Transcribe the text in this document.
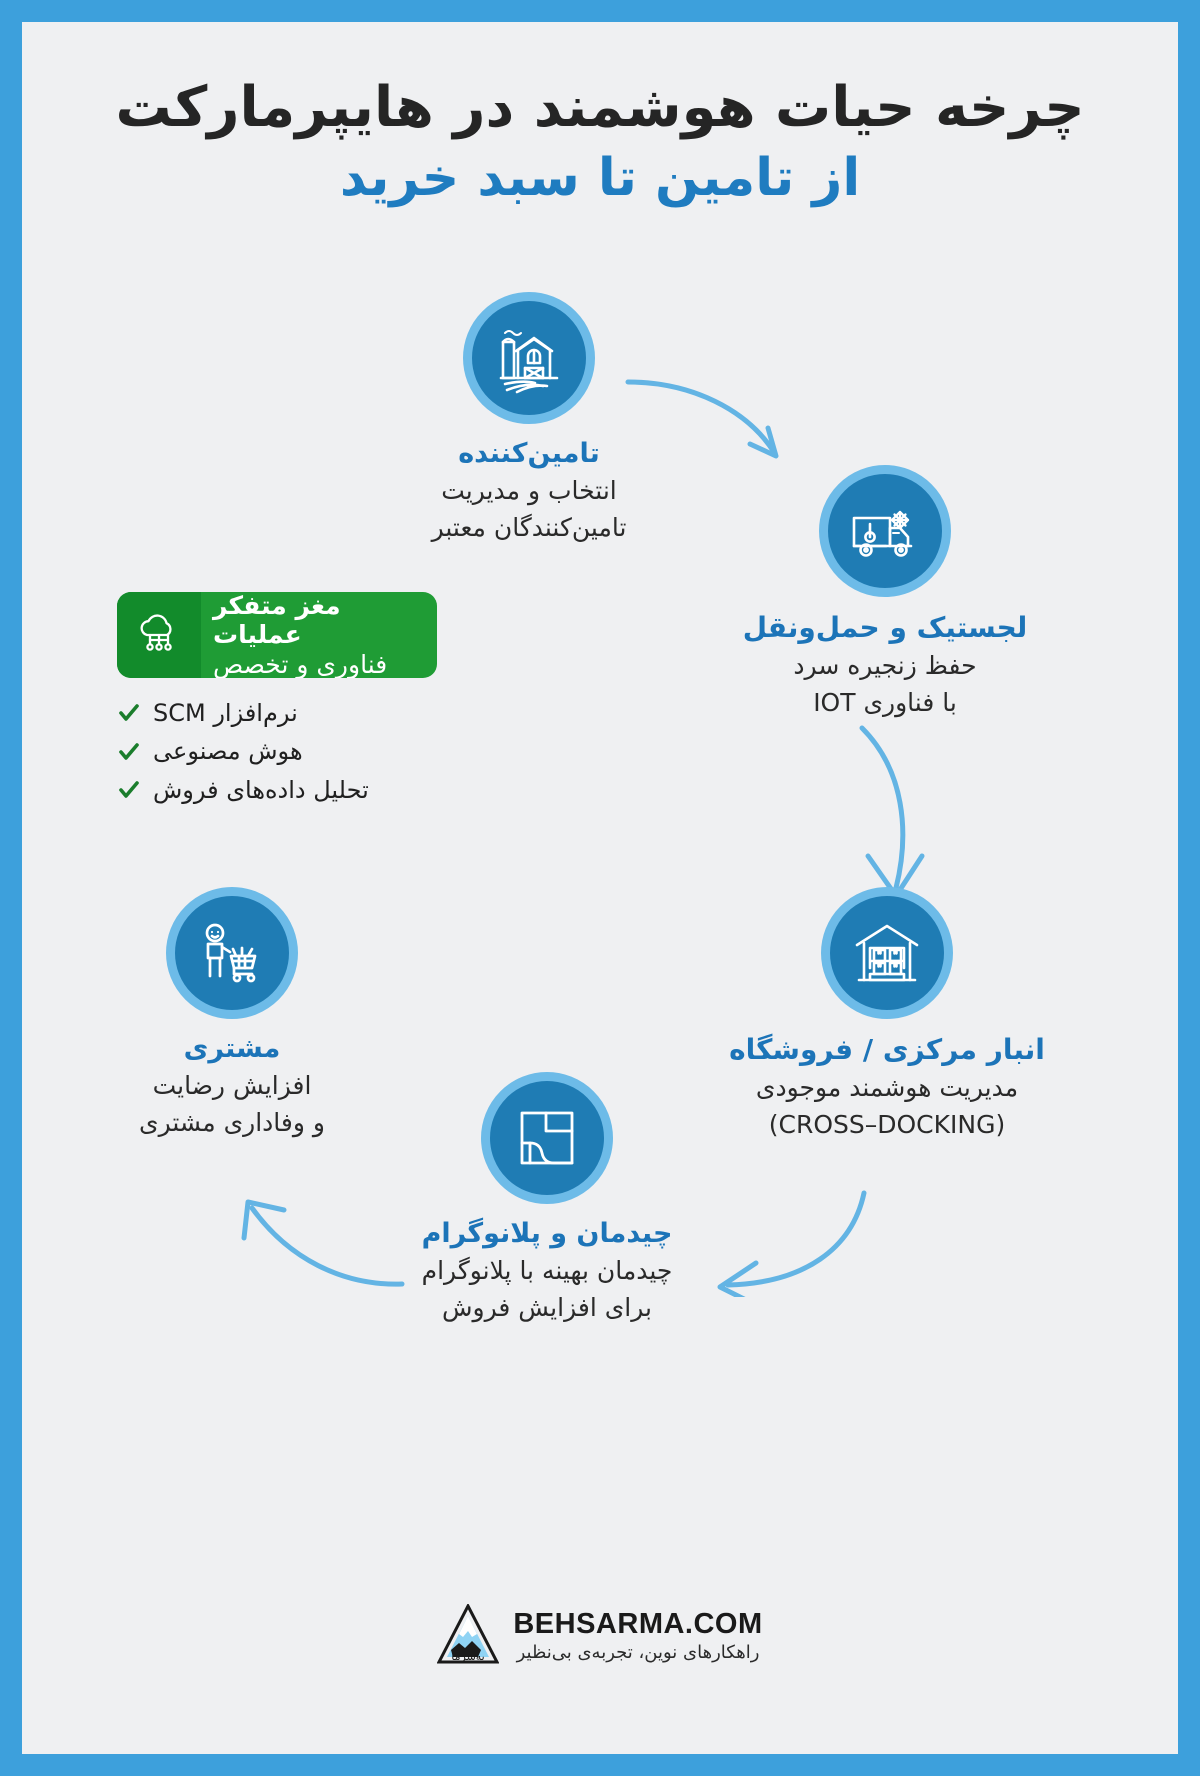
چرخه حیات هوشمند در هایپرمارکت
از تامین تا سبد خرید
تامین‌کننده
انتخاب و مدیریت
تامین‌کنندگان معتبر
لجستیک و حمل‌ونقل
حفظ زنجیره سرد
با فناوری IOT
انبار مرکزی / فروشگاه
مدیریت هوشمند موجودی
(CROSS–DOCKING)
چیدمان و پلانوگرام
چیدمان بهینه با پلانوگرام
برای افزایش فروش
مشتری
افزایش رضایت
و وفاداری مشتری
مغز متفکر عملیات
فناوری و تخصص
نرم‌افزار SCM
هوش مصنوعی
تحلیل داده‌های فروش
به‌سرما
BEHSARMA.COM
راهکارهای نوین، تجربه‌ی بی‌نظیر
